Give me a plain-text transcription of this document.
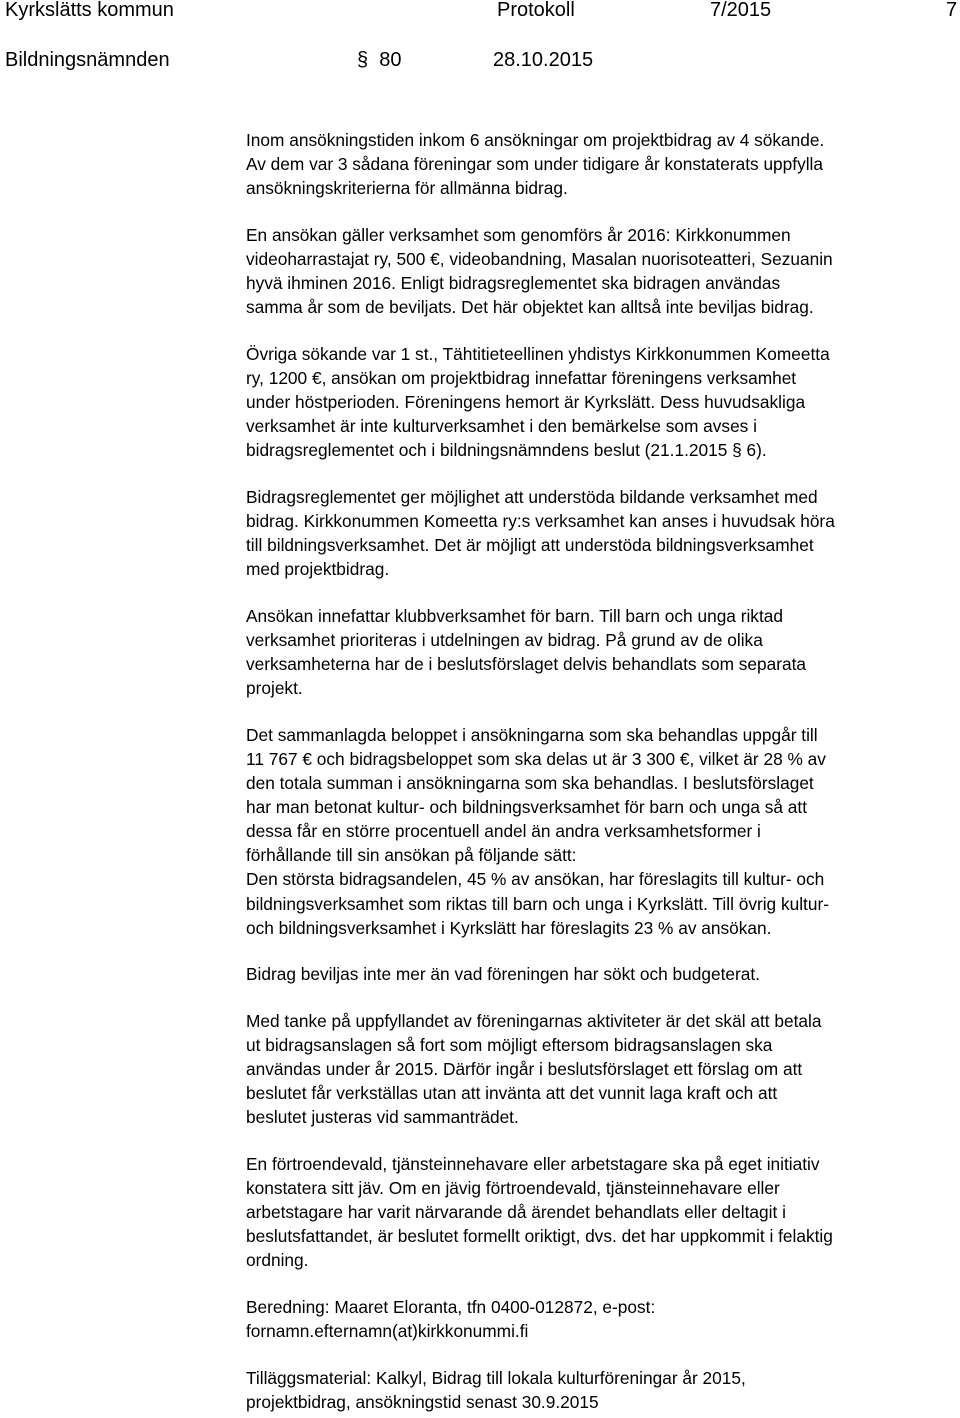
Kyrkslätts kommun	Protokoll	7/2015	7
Bildningsnämnden	§ 80	28.10.2015

Inom ansökningstiden inkom 6 ansökningar om projektbidrag av 4 sökande.
Av dem var 3 sådana föreningar som under tidigare år konstaterats uppfylla
ansökningskriterierna för allmänna bidrag.

En ansökan gäller verksamhet som genomförs år 2016: Kirkkonummen
videoharrastajat ry, 500 €, videobandning, Masalan nuorisoteatteri, Sezuanin
hyvä ihminen 2016. Enligt bidragsreglementet ska bidragen användas
samma år som de beviljats. Det här objektet kan alltså inte beviljas bidrag.

Övriga sökande var 1 st., Tähtitieteellinen yhdistys Kirkkonummen Komeetta
ry, 1200 €, ansökan om projektbidrag innefattar föreningens verksamhet
under höstperioden. Föreningens hemort är Kyrkslätt. Dess huvudsakliga
verksamhet är inte kulturverksamhet i den bemärkelse som avses i
bidragsreglementet och i bildningsnämndens beslut (21.1.2015 § 6).

Bidragsreglementet ger möjlighet att understöda bildande verksamhet med
bidrag. Kirkkonummen Komeetta ry:s verksamhet kan anses i huvudsak höra
till bildningsverksamhet. Det är möjligt att understöda bildningsverksamhet
med projektbidrag.

Ansökan innefattar klubbverksamhet för barn. Till barn och unga riktad
verksamhet prioriteras i utdelningen av bidrag. På grund av de olika
verksamheterna har de i beslutsförslaget delvis behandlats som separata
projekt.

Det sammanlagda beloppet i ansökningarna som ska behandlas uppgår till
11 767 € och bidragsbeloppet som ska delas ut är 3 300 €, vilket är 28 % av
den totala summan i ansökningarna som ska behandlas. I beslutsförslaget
har man betonat kultur- och bildningsverksamhet för barn och unga så att
dessa får en större procentuell andel än andra verksamhetsformer i
förhållande till sin ansökan på följande sätt:
Den största bidragsandelen, 45 % av ansökan, har föreslagits till kultur- och
bildningsverksamhet som riktas till barn och unga i Kyrkslätt. Till övrig kultur-
och bildningsverksamhet i Kyrkslätt har föreslagits 23 % av ansökan.

Bidrag beviljas inte mer än vad föreningen har sökt och budgeterat.

Med tanke på uppfyllandet av föreningarnas aktiviteter är det skäl att betala
ut bidragsanslagen så fort som möjligt eftersom bidragsanslagen ska
användas under år 2015. Därför ingår i beslutsförslaget ett förslag om att
beslutet får verkställas utan att invänta att det vunnit laga kraft och att
beslutet justeras vid sammanträdet.

En förtroendevald, tjänsteinnehavare eller arbetstagare ska på eget initiativ
konstatera sitt jäv. Om en jävig förtroendevald, tjänsteinnehavare eller
arbetstagare har varit närvarande då ärendet behandlats eller deltagit i
beslutsfattandet, är beslutet formellt oriktigt, dvs. det har uppkommit i felaktig
ordning.

Beredning: Maaret Eloranta, tfn 0400-012872, e-post:
fornamn.efternamn(at)kirkkonummi.fi

Tilläggsmaterial: Kalkyl, Bidrag till lokala kulturföreningar år 2015,
projektbidrag, ansökningstid senast 30.9.2015
